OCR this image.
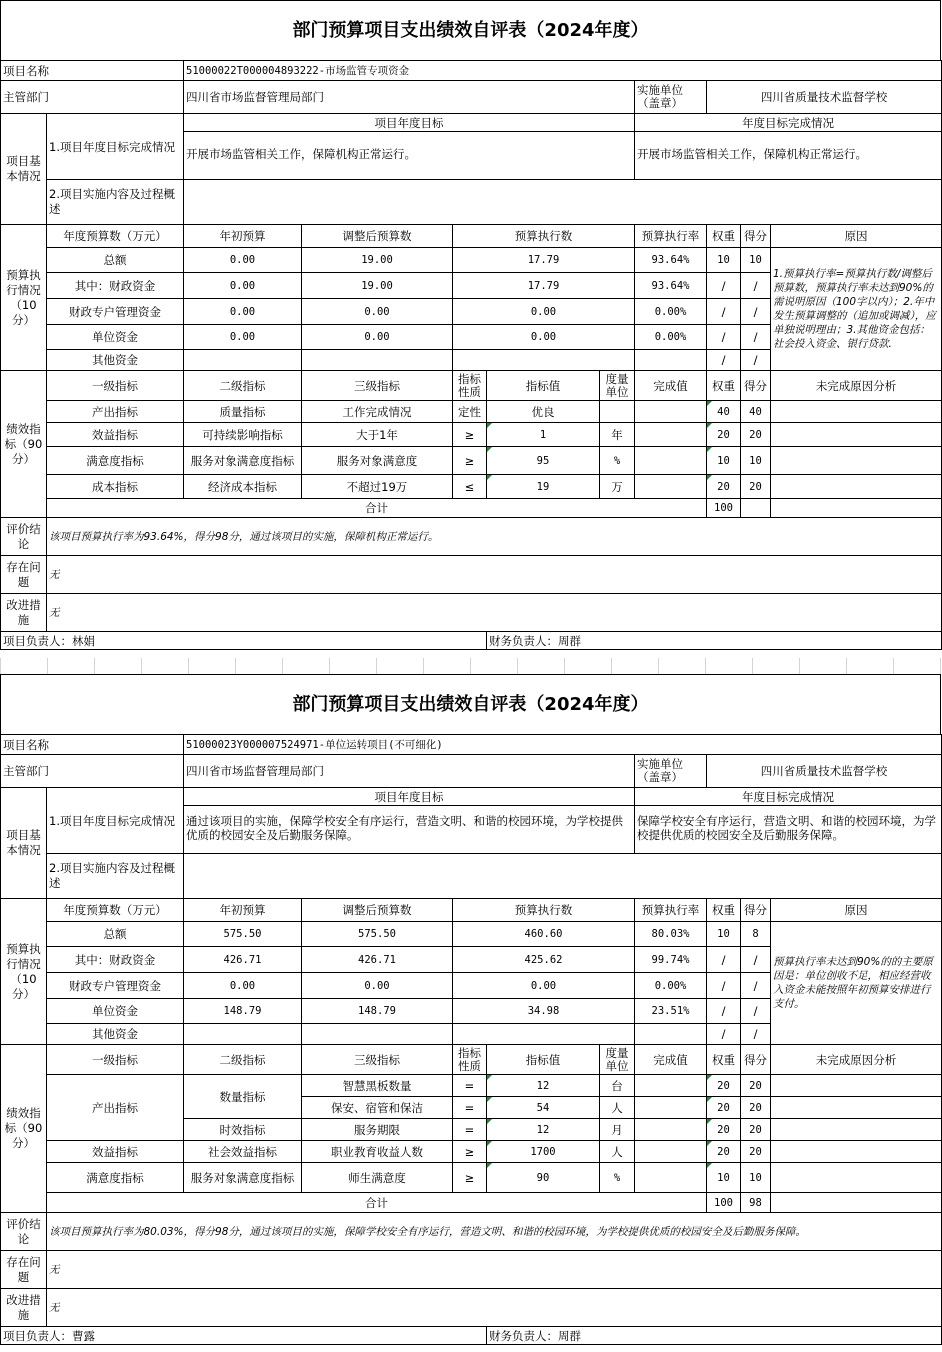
部门预算项目支出绩效自评表（2024年度）
项目名称		51000022T000004893222-市场监管专项资金								
主管部门		四川省市场监督管理局部门					实施单位
（盖章）	四川省质量技术监督学校		
项目基本情况	1.项目年度目标完成情况	项目年度目标					年度目标完成情况			
		开展市场监管相关工作，保障机构正常运行。					开展市场监管相关工作，保障机构正常运行。			
	2.项目实施内容及过程概述									
预算执行情况（10分）	年度预算数（万元）	年初预算	调整后预算数	预算执行数			预算执行率	权重	得分	原因
	总额	0.00	19.00	17.79			93.64%	10	10	1.预算执行率=预算执行数/调整后预算数，预算执行率未达到90%的需说明原因（100字以内）；2.年中发生预算调整的（追加或调减），应单独说明理由；3.其他资金包括：社会投入资金、银行贷款.
	其中：财政资金	0.00	19.00	17.79			93.64%	/	/	
	财政专户管理资金	0.00	0.00	0.00			0.00%	/	/	
	单位资金	0.00	0.00	0.00			0.00%	/	/	
	其他资金							/	/	
绩效指标（90分）	一级指标	二级指标	三级指标	指标性质	指标值	度量单位	完成值	权重	得分	未完成原因分析
	产出指标	质量指标	工作完成情况	定性	优良			40	40	
	效益指标	可持续影响指标	大于1年	≥	1	年		20	20	
	满意度指标	服务对象满意度指标	服务对象满意度	≥	95	%		10	10	
	成本指标	经济成本指标	不超过19万	≤	19	万		20	20	
	合计							100		
评价结论	该项目预算执行率为93.64%，得分98分，通过该项目的实施，保障机构正常运行。									
存在问题	无									
改进措施	无									
项目负责人：林娟					财务负责人：周群					
部门预算项目支出绩效自评表（2024年度）
项目名称		51000023Y000007524971-单位运转项目(不可细化)								
主管部门		四川省市场监督管理局部门					实施单位
（盖章）	四川省质量技术监督学校		
项目基本情况	1.项目年度目标完成情况	项目年度目标					年度目标完成情况			
		通过该项目的实施，保障学校安全有序运行，营造文明、和谐的校园环境，为学校提供优质的校园安全及后勤服务保障。					保障学校安全有序运行，营造文明、和谐的校园环境，为学校提供优质的校园安全及后勤服务保障。			
	2.项目实施内容及过程概述									
预算执行情况（10分）	年度预算数（万元）	年初预算	调整后预算数	预算执行数			预算执行率	权重	得分	原因
	总额	575.50	575.50	460.60			80.03%	10	8	预算执行率未达到90%的的主要原因是：单位创收不足，相应经营收入资金未能按照年初预算安排进行支付。
	其中：财政资金	426.71	426.71	425.62			99.74%	/	/	
	财政专户管理资金	0.00	0.00	0.00			0.00%	/	/	
	单位资金	148.79	148.79	34.98			23.51%	/	/	
	其他资金							/	/	
绩效指标（90分）	一级指标	二级指标	三级指标	指标性质	指标值	度量单位	完成值	权重	得分	未完成原因分析
	产出指标	数量指标	智慧黑板数量	=	12	台		20	20	
			保安、宿管和保洁	=	54	人		20	20	
		时效指标	服务期限	=	12	月		20	20	
	效益指标	社会效益指标	职业教育收益人数	≥	1700	人		20	20	
	满意度指标	服务对象满意度指标	师生满意度	≥	90	%		10	10	
	合计							100	98	
评价结论	该项目预算执行率为80.03%，得分98分，通过该项目的实施，保障学校安全有序运行，营造文明、和谐的校园环境，为学校提供优质的校园安全及后勤服务保障。									
存在问题	无									
改进措施	无									
项目负责人：曹露					财务负责人：周群					
